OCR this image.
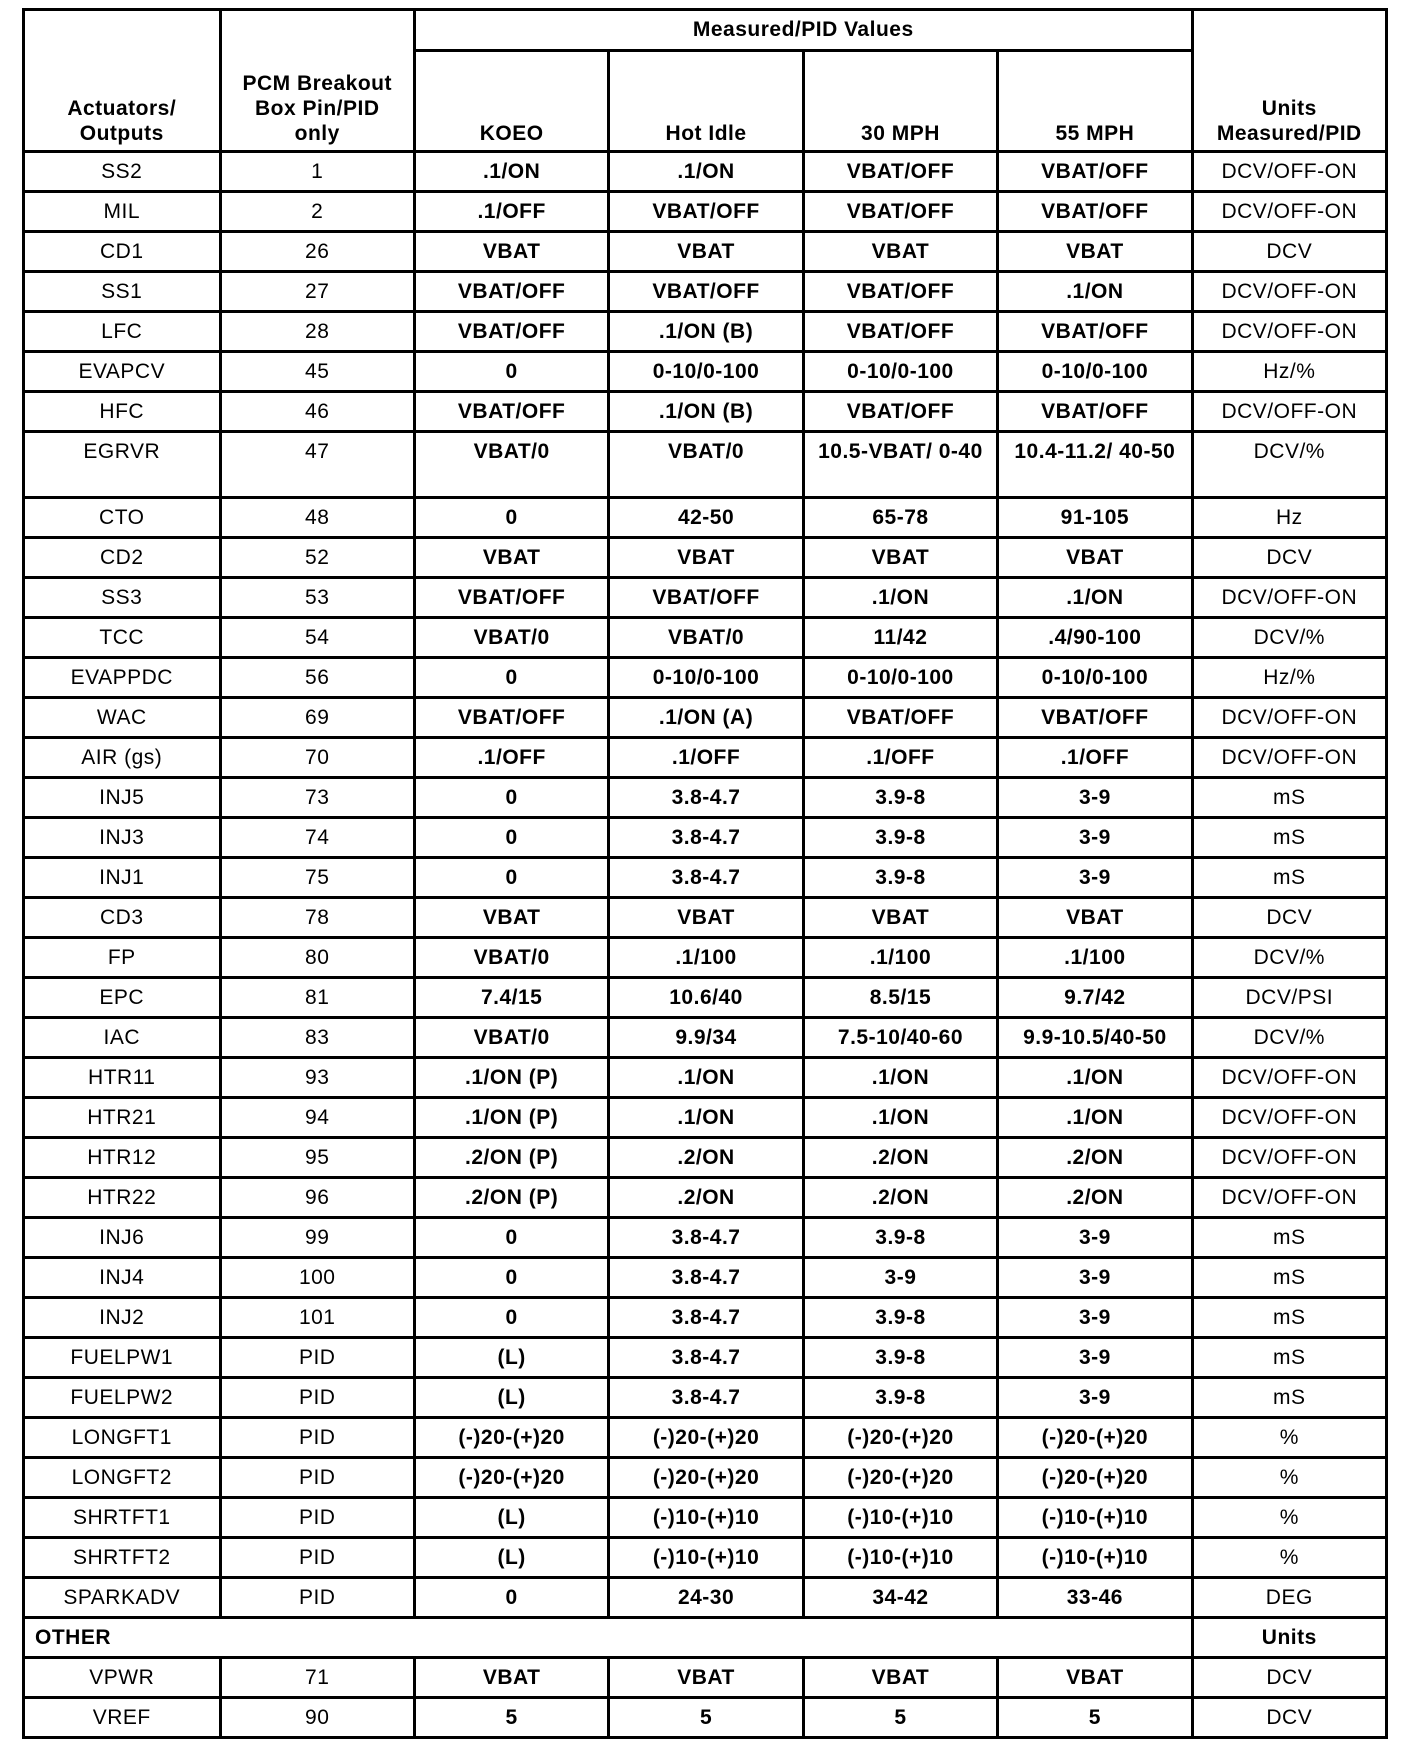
Actuators/ Outputs	PCM Breakout Box Pin/PID only	Measured/PID Values				Units Measured/PID
		KOEO	Hot Idle	30 MPH	55 MPH	
SS2	1	.1/ON	.1/ON	VBAT/OFF	VBAT/OFF	DCV/OFF-ON
MIL	2	.1/OFF	VBAT/OFF	VBAT/OFF	VBAT/OFF	DCV/OFF-ON
CD1	26	VBAT	VBAT	VBAT	VBAT	DCV
SS1	27	VBAT/OFF	VBAT/OFF	VBAT/OFF	.1/ON	DCV/OFF-ON
LFC	28	VBAT/OFF	.1/ON (B)	VBAT/OFF	VBAT/OFF	DCV/OFF-ON
EVAPCV	45	0	0-10/0-100	0-10/0-100	0-10/0-100	Hz/%
HFC	46	VBAT/OFF	.1/ON (B)	VBAT/OFF	VBAT/OFF	DCV/OFF-ON
EGRVR	47	VBAT/0	VBAT/0	10.5-VBAT/ 0-40	10.4-11.2/ 40-50	DCV/%
CTO	48	0	42-50	65-78	91-105	Hz
CD2	52	VBAT	VBAT	VBAT	VBAT	DCV
SS3	53	VBAT/OFF	VBAT/OFF	.1/ON	.1/ON	DCV/OFF-ON
TCC	54	VBAT/0	VBAT/0	11/42	.4/90-100	DCV/%
EVAPPDC	56	0	0-10/0-100	0-10/0-100	0-10/0-100	Hz/%
WAC	69	VBAT/OFF	.1/ON (A)	VBAT/OFF	VBAT/OFF	DCV/OFF-ON
AIR (gs)	70	.1/OFF	.1/OFF	.1/OFF	.1/OFF	DCV/OFF-ON
INJ5	73	0	3.8-4.7	3.9-8	3-9	mS
INJ3	74	0	3.8-4.7	3.9-8	3-9	mS
INJ1	75	0	3.8-4.7	3.9-8	3-9	mS
CD3	78	VBAT	VBAT	VBAT	VBAT	DCV
FP	80	VBAT/0	.1/100	.1/100	.1/100	DCV/%
EPC	81	7.4/15	10.6/40	8.5/15	9.7/42	DCV/PSI
IAC	83	VBAT/0	9.9/34	7.5-10/40-60	9.9-10.5/40-50	DCV/%
HTR11	93	.1/ON (P)	.1/ON	.1/ON	.1/ON	DCV/OFF-ON
HTR21	94	.1/ON (P)	.1/ON	.1/ON	.1/ON	DCV/OFF-ON
HTR12	95	.2/ON (P)	.2/ON	.2/ON	.2/ON	DCV/OFF-ON
HTR22	96	.2/ON (P)	.2/ON	.2/ON	.2/ON	DCV/OFF-ON
INJ6	99	0	3.8-4.7	3.9-8	3-9	mS
INJ4	100	0	3.8-4.7	3-9	3-9	mS
INJ2	101	0	3.8-4.7	3.9-8	3-9	mS
FUELPW1	PID	(L)	3.8-4.7	3.9-8	3-9	mS
FUELPW2	PID	(L)	3.8-4.7	3.9-8	3-9	mS
LONGFT1	PID	(-)20-(+)20	(-)20-(+)20	(-)20-(+)20	(-)20-(+)20	%
LONGFT2	PID	(-)20-(+)20	(-)20-(+)20	(-)20-(+)20	(-)20-(+)20	%
SHRTFT1	PID	(L)	(-)10-(+)10	(-)10-(+)10	(-)10-(+)10	%
SHRTFT2	PID	(L)	(-)10-(+)10	(-)10-(+)10	(-)10-(+)10	%
SPARKADV	PID	0	24-30	34-42	33-46	DEG
OTHER						Units
VPWR	71	VBAT	VBAT	VBAT	VBAT	DCV
VREF	90	5	5	5	5	DCV
